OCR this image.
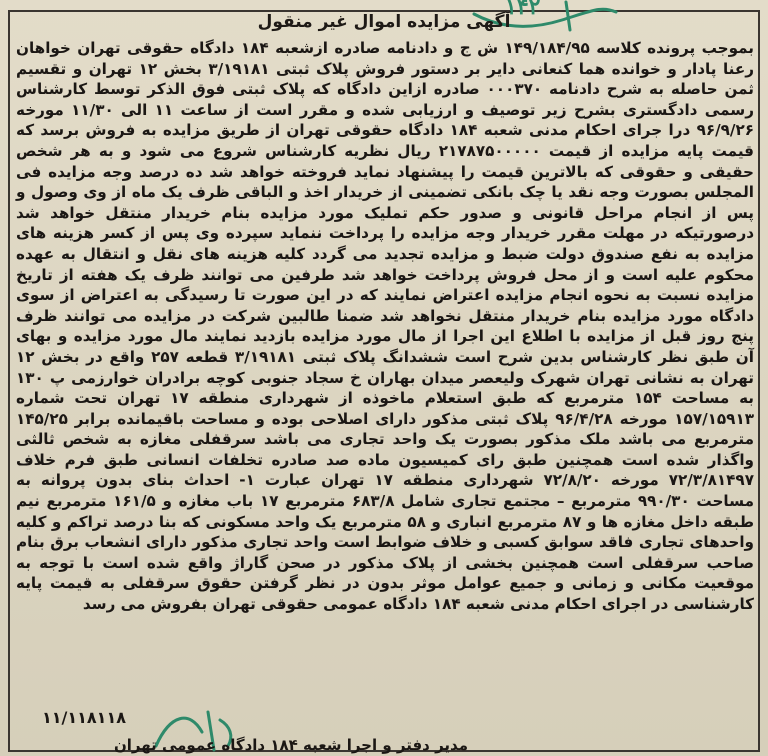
۱۴۲
آگهی مزایده اموال غیر منقول
بموجب پرونده کلاسه ۱۴۹/۱۸۴/۹۵ ش ج و دادنامه صادره ازشعبه ۱۸۴ دادگاه حقوقی تهران خواهان رعنا پادار و خوانده هما کنعانی دایر بر دستور فروش پلاک ثبتی ۳/۱۹۱۸۱ بخش ۱۲ تهران و تقسیم ثمن حاصله به شرح دادنامه ۰۰۰۳۷۰ صادره ازاین دادگاه که پلاک ثبتی فوق الذکر توسط کارشناس رسمی دادگستری بشرح زیر توصیف و ارزیابی شده و مقرر است از ساعت ۱۱ الی ۱۱/۳۰ مورخه ۹۶/۹/۲۶ درا جرای احکام مدنی شعبه ۱۸۴ دادگاه حقوقی تهران از طریق مزایده به فروش برسد که قیمت پایه مزایده از قیمت ۲۱۷۸۷۵۰۰۰۰۰ ریال نظریه کارشناس شروع می شود و به هر شخص حقیقی و حقوقی که بالاترین قیمت را پیشنهاد نماید فروخته خواهد شد ده درصد وجه مزایده فی المجلس بصورت وجه نقد یا چک بانکی تضمینی از خریدار اخذ و الباقی ظرف یک ماه از وی وصول و پس از انجام مراحل قانونی و صدور حکم تملیک مورد مزایده بنام خریدار منتقل خواهد شد درصورتیکه در مهلت مقرر خریدار وجه مزایده را پرداخت ننماید سپرده وی پس از کسر هزینه های مزایده به نفع صندوق دولت ضبط و مزایده تجدید می گردد کلیه هزینه های نقل و انتقال به عهده محکوم علیه است و از محل فروش پرداخت خواهد شد طرفین می توانند ظرف یک هفته از تاریخ مزایده نسبت به نحوه انجام مزایده اعتراض نمایند که در این صورت تا رسیدگی به اعتراض از سوی دادگاه مورد مزایده بنام خریدار منتقل نخواهد شد ضمنا طالبین شرکت در مزایده می توانند ظرف پنج روز قبل از مزایده با اطلاع این اجرا از مال مورد مزایده بازدید نمایند مال مورد مزایده و بهای آن طبق نظر کارشناس بدین شرح است ششدانگ پلاک ثبتی ۳/۱۹۱۸۱ قطعه ۲۵۷ واقع در بخش ۱۲ تهران به نشانی تهران شهرک ولیعصر میدان بهاران خ سجاد جنوبی کوچه برادران خوارزمی پ ۱۳۰ به مساحت ۱۵۴ مترمربع که طبق استعلام ماخوذه از شهرداری منطقه ۱۷ تهران تحت شماره ۱۵۷/۱۵۹۱۳ مورخه ۹۶/۴/۲۸ پلاک ثبتی مذکور دارای اصلاحی بوده و مساحت باقیمانده برابر ۱۴۵/۲۵ مترمربع می باشد ملک مذکور بصورت یک واحد تجاری می باشد سرقفلی مغازه به شخص ثالثی واگذار شده است همچنین طبق رای کمیسیون ماده صد صادره تخلفات انسانی طبق فرم خلاف ۷۲/۳/۸۱۴۹۷ مورخه ۷۲/۸/۲۰ شهرداری منطقه ۱۷ تهران عبارت ۱- احداث بنای بدون پروانه به مساحت ۹۹۰/۳۰ مترمربع – مجتمع تجاری شامل ۶۸۳/۸ مترمربع ۱۷ باب مغازه و ۱۶۱/۵ مترمربع نیم طبقه داخل مغازه ها و ۸۷ مترمربع انباری و ۵۸ مترمربع یک واحد مسکونی که بنا درصد تراکم و کلیه واحدهای تجاری فاقد سوابق کسبی و خلاف ضوابط است واحد تجاری مذکور دارای انشعاب برق بنام صاحب سرقفلی است همچنین بخشی از پلاک مذکور در صحن گاراژ واقع شده است با توجه به موقعیت مکانی و زمانی و جمیع عوامل موثر بدون در نظر گرفتن حقوق سرقفلی به قیمت پایه کارشناسی در اجرای احکام مدنی شعبه ۱۸۴ دادگاه عمومی حقوقی تهران بفروش می رسد
۱۱/۱۱۸۱۱۸
مدیر دفتر و اجرا شعبه ۱۸۴ دادگاه عمومی تهران
